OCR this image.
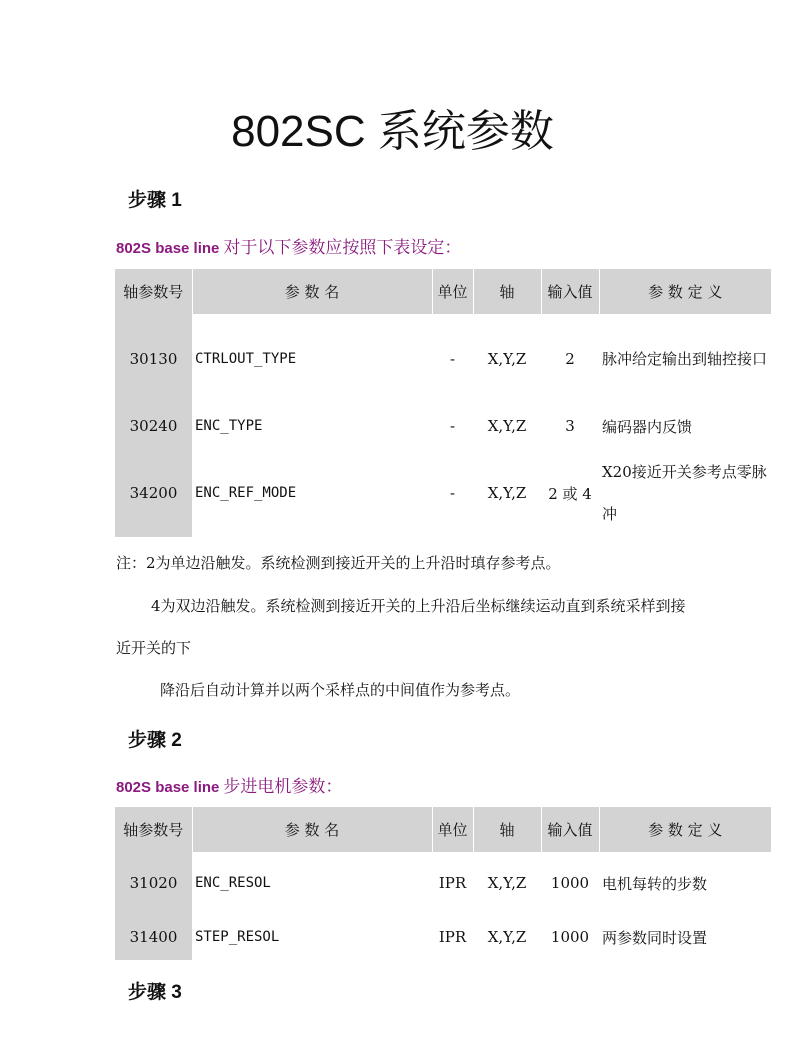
802SC 系统参数
步骤 1

802S base line 对于以下参数应按照下表设定：

轴参数号	参 数 名	单位	轴	输入值	参 数 定 义
30130	CTRLOUT_TYPE	-	X,Y,Z	2	脉冲给定输出到轴控接口
30240	ENC_TYPE	-	X,Y,Z	3	编码器内反馈
34200	ENC_REF_MODE	-	X,Y,Z	2 或 4	X20接近开关参考点零脉冲

注：2为单边沿触发。系统检测到接近开关的上升沿时瑱存参考点。

4为双边沿触发。系统检测到接近开关的上升沿后坐标继续运动直到系统采样到接

近开关的下

降沿后自动计算并以两个采样点的中间值作为参考点。

步骤 2

802S base line 步进电机参数：

轴参数号	参 数 名	单位	轴	输入值	参 数 定 义
31020	ENC_RESOL	IPR	X,Y,Z	1000	电机每转的步数
31400	STEP_RESOL	IPR	X,Y,Z	1000	两参数同时设置
步骤 3
